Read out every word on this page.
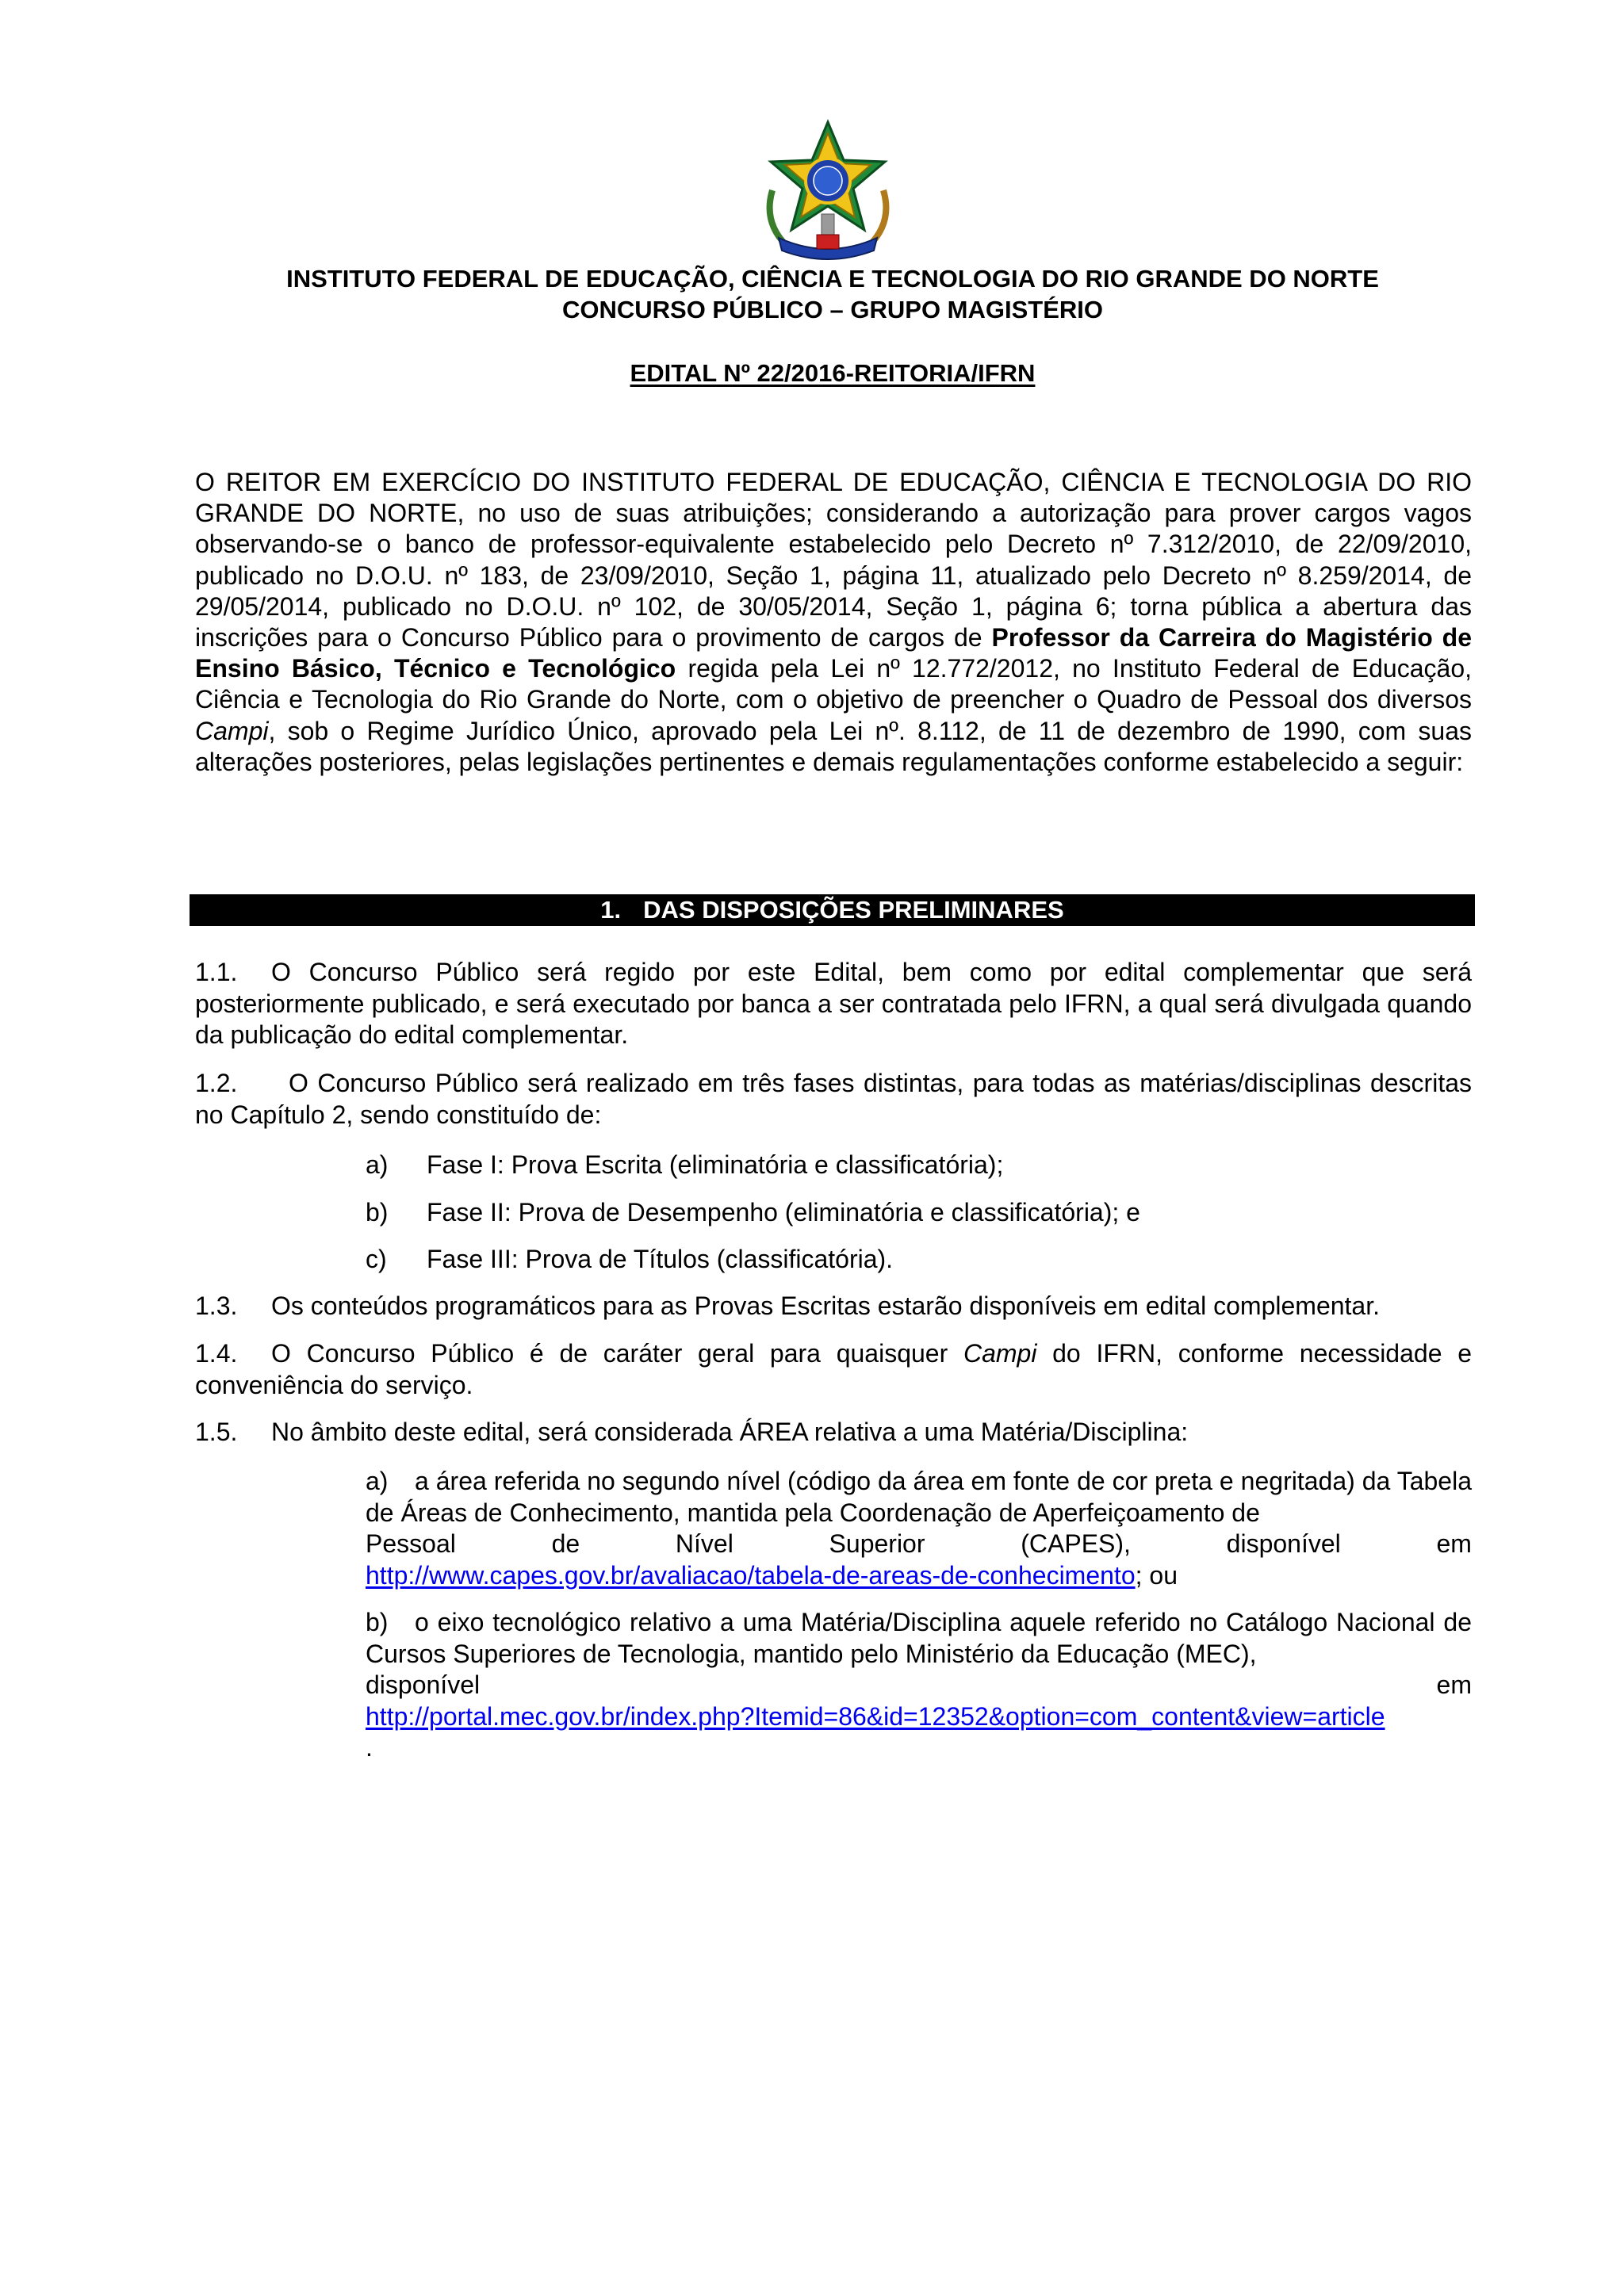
INSTITUTO FEDERAL DE EDUCAÇÃO, CIÊNCIA E TECNOLOGIA DO RIO GRANDE DO NORTE
CONCURSO PÚBLICO – GRUPO MAGISTÉRIO
EDITAL Nº 22/2016-REITORIA/IFRN

O REITOR EM EXERCÍCIO DO INSTITUTO FEDERAL DE EDUCAÇÃO, CIÊNCIA E TECNOLOGIA DO RIO GRANDE DO NORTE, no uso de suas atribuições; considerando a autorização para prover cargos vagos observando-se o banco de professor-equivalente estabelecido pelo Decreto nº 7.312/2010, de 22/09/2010, publicado no D.O.U. nº 183, de 23/09/2010, Seção 1, página 11, atualizado pelo Decreto nº 8.259/2014, de 29/05/2014, publicado no D.O.U. nº 102, de 30/05/2014, Seção 1, página 6; torna pública a abertura das inscrições para o Concurso Público para o provimento de cargos de Professor da Carreira do Magistério de Ensino Básico, Técnico e Tecnológico regida pela Lei nº 12.772/2012, no Instituto Federal de Educação, Ciência e Tecnologia do Rio Grande do Norte, com o objetivo de preencher o Quadro de Pessoal dos diversos Campi, sob o Regime Jurídico Único, aprovado pela Lei nº. 8.112, de 11 de dezembro de 1990, com suas alterações posteriores, pelas legislações pertinentes e demais regulamentações conforme estabelecido a seguir:

1. DAS DISPOSIÇÕES PRELIMINARES

1.1. O Concurso Público será regido por este Edital, bem como por edital complementar que será posteriormente publicado, e será executado por banca a ser contratada pelo IFRN, a qual será divulgada quando da publicação do edital complementar.

1.2. O Concurso Público será realizado em três fases distintas, para todas as matérias/disciplinas descritas no Capítulo 2, sendo constituído de:

a) Fase I: Prova Escrita (eliminatória e classificatória);

b) Fase II: Prova de Desempenho (eliminatória e classificatória); e

c) Fase III: Prova de Títulos (classificatória).

1.3. Os conteúdos programáticos para as Provas Escritas estarão disponíveis em edital complementar.

1.4. O Concurso Público é de caráter geral para quaisquer Campi do IFRN, conforme necessidade e conveniência do serviço.

1.5. No âmbito deste edital, será considerada ÁREA relativa a uma Matéria/Disciplina:

a) a área referida no segundo nível (código da área em fonte de cor preta e negritada) da Tabela de Áreas de Conhecimento, mantida pela Coordenação de Aperfeiçoamento de
Pessoal	de	Nível	Superior	(CAPES),	disponível	em
http://www.capes.gov.br/avaliacao/tabela-de-areas-de-conhecimento; ou
b) o eixo tecnológico relativo a uma Matéria/Disciplina aquele referido no Catálogo Nacional de Cursos Superiores de Tecnologia, mantido pelo Ministério da Educação (MEC),
disponível	em
http://portal.mec.gov.br/index.php?Itemid=86&id=12352&option=com_content&view=article
.
